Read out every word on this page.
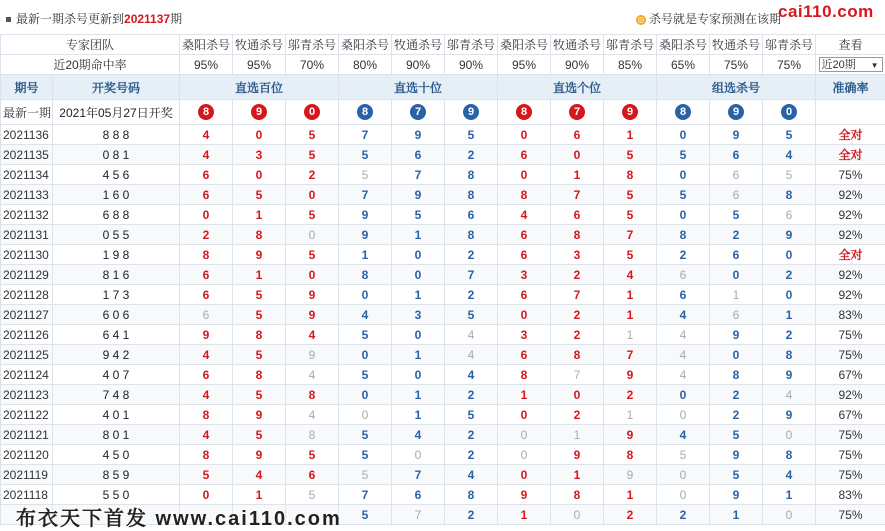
最新一期杀号更新到2021137期	◎ 杀号就是专家预测在该期
cai110.com
专家团队		桑阳杀号	牧通杀号	邬青杀号	桑阳杀号	牧通杀号	邬青杀号	桑阳杀号	牧通杀号	邬青杀号	桑阳杀号	牧通杀号	邬青杀号	查看
近20期命中率		95%	95%	70%	80%	90%	90%	95%	90%	85%	65%	75%	75%	近20期 ▼

期号	开奖号码	直选百位			直选十位			直选个位			组选杀号			准确率
最新一期	2021年05月27日开奖	8	9	0	8	7	9	8	7	9	8	9	0	
2021136	8 8 8	4	0	5	7	9	5	0	6	1	0	9	5	全对
2021135	0 8 1	4	3	5	5	6	2	6	0	5	5	6	4	全对
2021134	4 5 6	6	0	2	5	7	8	0	1	8	0	6	5	75%
2021133	1 6 0	6	5	0	7	9	8	8	7	5	5	6	8	92%
2021132	6 8 8	0	1	5	9	5	6	4	6	5	0	5	6	92%
2021131	0 5 5	2	8	0	9	1	8	6	8	7	8	2	9	92%
2021130	1 9 8	8	9	5	1	0	2	6	3	5	2	6	0	全对
2021129	8 1 6	6	1	0	8	0	7	3	2	4	6	0	2	92%
2021128	1 7 3	6	5	9	0	1	2	6	7	1	6	1	0	92%
2021127	6 0 6	6	5	9	4	3	5	0	2	1	4	6	1	83%
2021126	6 4 1	9	8	4	5	0	4	3	2	1	4	9	2	75%
2021125	9 4 2	4	5	9	0	1	4	6	8	7	4	0	8	75%
2021124	4 0 7	6	8	4	5	0	4	8	7	9	4	8	9	67%
2021123	7 4 8	4	5	8	0	1	2	1	0	2	0	2	4	92%
2021122	4 0 1	8	9	4	0	1	5	0	2	1	0	2	9	67%
2021121	8 0 1	4	5	8	5	4	2	0	1	9	4	5	0	75%
2021120	4 5 0	8	9	5	5	0	2	0	9	8	5	9	8	75%
2021119	8 5 9	5	4	6	5	7	4	0	1	9	0	5	4	75%
2021118	5 5 0	0	1	5	7	6	8	9	8	1	0	9	1	83%
					5	7	2	1	0	2	2	1	0	75%
布衣天下首发 www.cai110.com
